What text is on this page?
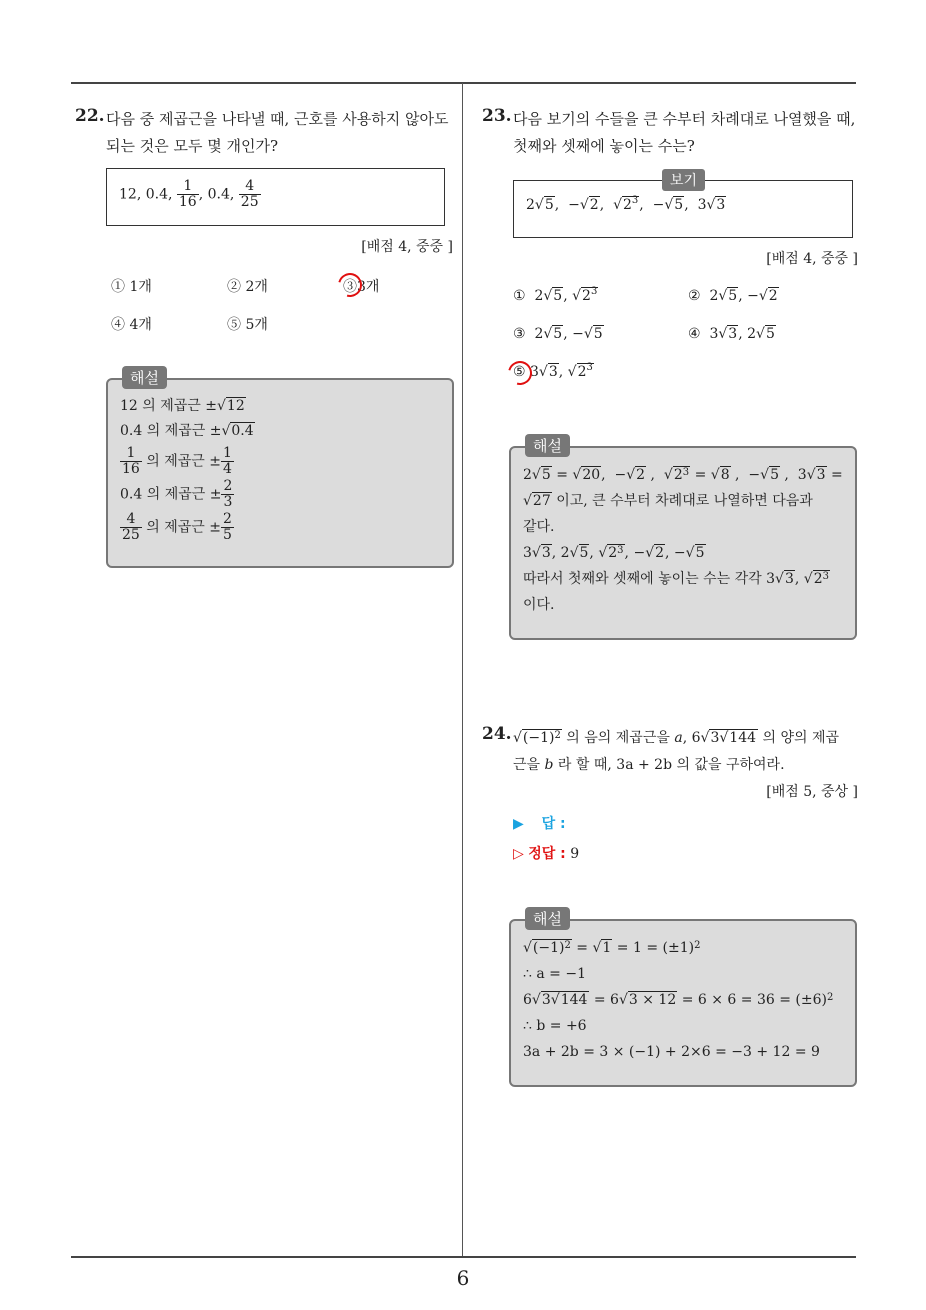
6
22. 다음 중 제곱근을 나타낼 때, 근호를 사용하지 않아도
되는 것은 모두 몇 개인가?
12, 0.4, $\frac{1}{16}$ , 0.4̇, $\frac{4}{25}$
[배점 4, 중중 ]
① 1개	② 2개	③3개
④ 4개	⑤ 5개
해설
12 의 제곱근 ±√12
0.4 의 제곱근 ±√0.4
$\frac{1}{16}$ 의 제곱근 ± $\frac{1}{4}$
0.4̇ 의 제곱근 ± $\frac{2}{3}$
$\frac{4}{25}$ 의 제곱근 ± $\frac{2}{5}$
23. 다음 보기의 수들을 큰 수부터 차례대로 나열했을 때,
첫째와 셋째에 놓이는 수는?
보기
2√5,  −√2,  $√2^3$,  −√5,  3√3
[배점 4, 중중 ]
①  2√5, $√2^3$	②  2√5, −√2
③  2√5, −√5	④  3√3, 2√5
⑤ 3√3, $√2^3$
해설
2√5 = √20,  −√2 ,  $√2^3 = √8$ ,  −√5 ,  3√3 =
√27 이고, 큰 수부터 차례대로 나열하면 다음과
같다.
3√3, 2√5, $√2^3$, −√2, −√5
따라서 첫째와 셋째에 놓이는 수는 각각 3√3, $√2^3$
이다.
24. $√(-1)^2$ 의 음의 제곱근을 a, 6√3√144 의 양의 제곱
근을 b 라 할 때, 3a + 2b 의 값을 구하여라.
[배점 5, 중상 ]
▶ 답 :
▷ 정답 : 9
해설
$√(-1)^2 = √1 = 1 = (\pm 1)^2$
∴ a = −1
$6√3√144 = 6√3 \times 12 = 6 \times 6 = 36 = (\pm 6)^2$
∴ b = +6
3a + 2b = 3 × (−1) + 2×6 = −3 + 12 = 9
